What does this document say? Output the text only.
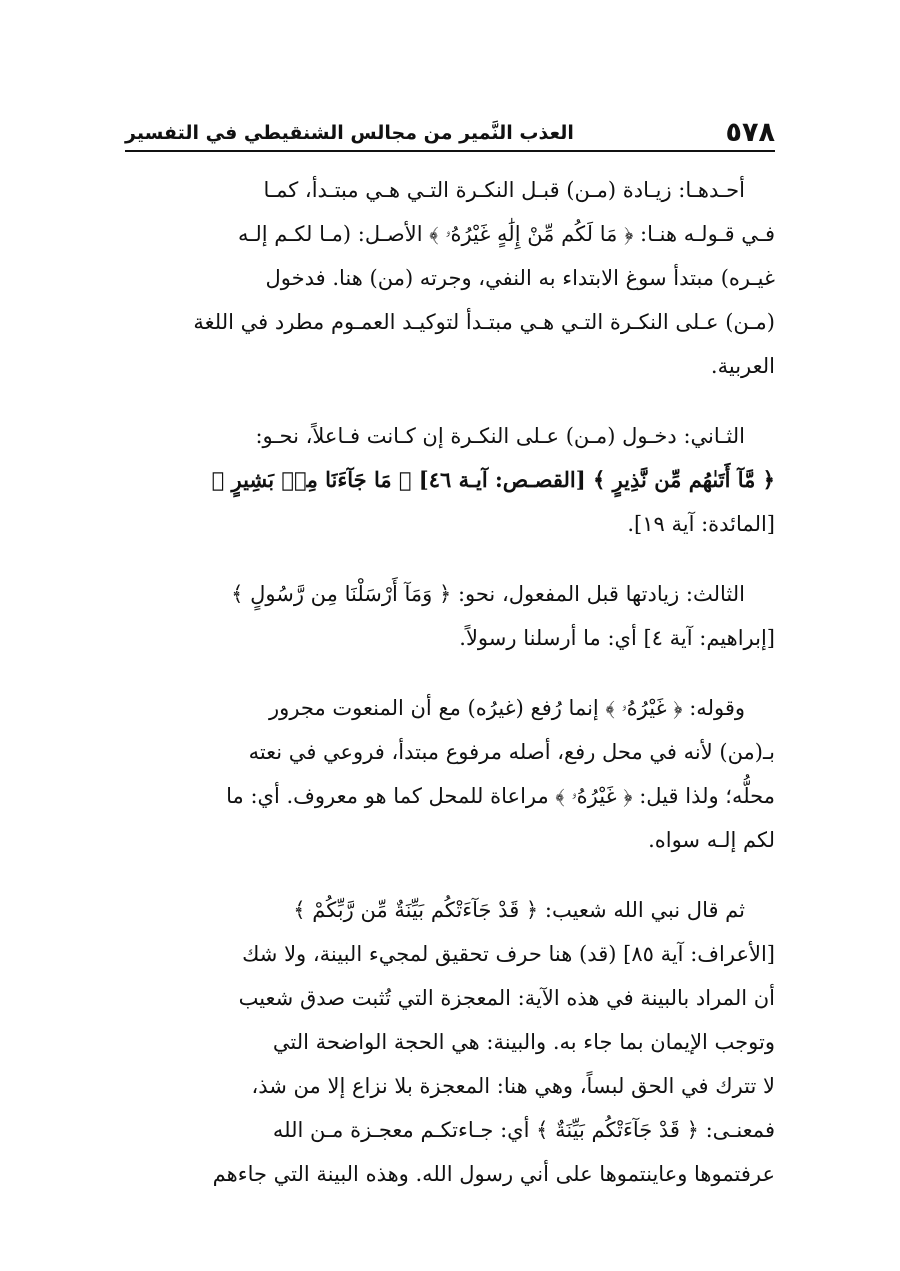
٥٧٨
العذب النَّمير من مجالس الشنقيطي في التفسير

أحـدهـا: زيـادة (مـن) قبـل النكـرة التـي هـي مبتـدأ، كمـا
فـي قـولـه هنـا: ﴿ مَا لَكُم مِّنْ إِلَٰهٍ غَيْرُهُۥ ﴾ الأصـل: (مـا لكـم إلـه
غيـره) مبتدأ سوغ الابتداء به النفي، وجرته (من) هنا. فدخول
(مـن) عـلى النكـرة التـي هـي مبتـدأ لتوكيـد العمـوم مطرد في اللغة
العربية.

الثـاني: دخـول (مـن) عـلى النكـرة إن كـانت فـاعلاً، نحـو:
﴿ مَّآ أَتَىٰهُم مِّن نَّذِيرٍ ﴾ [القصـص: آيـة ٤٦] ﴿ مَا جَآءَنَا مِنۢ بَشِيرٍ ﴾
[المائدة: آية ١٩].

الثالث: زيادتها قبل المفعول، نحو: ﴿ وَمَآ أَرْسَلْنَا مِن رَّسُولٍ ﴾
[إبراهيم: آية ٤] أي: ما أرسلنا رسولاً.

وقوله: ﴿ غَيْرُهُۥ ﴾ إنما رُفع (غيرُه) مع أن المنعوت مجرور
بـ(من) لأنه في محل رفع، أصله مرفوع مبتدأ، فروعي في نعته
محلُّه؛ ولذا قيل: ﴿ غَيْرُهُۥ ﴾ مراعاة للمحل كما هو معروف. أي: ما
لكم إلـه سواه.

ثم قال نبي الله شعيب: ﴿ قَدْ جَآءَتْكُم بَيِّنَةٌ مِّن رَّبِّكُمْ ﴾
[الأعراف: آية ٨٥] (قد) هنا حرف تحقيق لمجيء البينة، ولا شك
أن المراد بالبينة في هذه الآية: المعجزة التي تُثبت صدق شعيب
وتوجب الإيمان بما جاء به. والبينة: هي الحجة الواضحة التي
لا تترك في الحق لبساً، وهي هنا: المعجزة بلا نزاع إلا من شذ،
فمعنـى: ﴿ قَدْ جَآءَتْكُم بَيِّنَةٌ ﴾ أي: جـاءتكـم معجـزة مـن الله
عرفتموها وعاينتموها على أني رسول الله. وهذه البينة التي جاءهم
